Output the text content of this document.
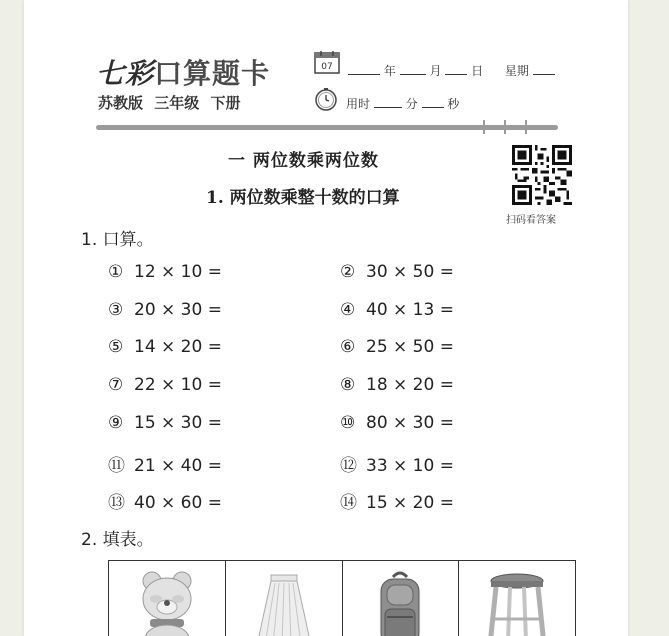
七彩口算题卡
苏教版 三年级 下册
07	年	月 日 星期
用时	分 秒
一 两位数乘两位数
1. 两位数乘整十数的口算
扫码看答案
1. 口算。
① 12 × 10 =	② 30 × 50 =
③ 20 × 30 =	④ 40 × 13 =
⑤ 14 × 20 =	⑥ 25 × 50 =
⑦ 22 × 10 =	⑧ 18 × 20 =
⑨ 15 × 30 =	⑩ 80 × 30 =
⑪ 21 × 40 =	⑫ 33 × 10 =
⑬ 40 × 60 =	⑭ 15 × 20 =
2. 填表。
